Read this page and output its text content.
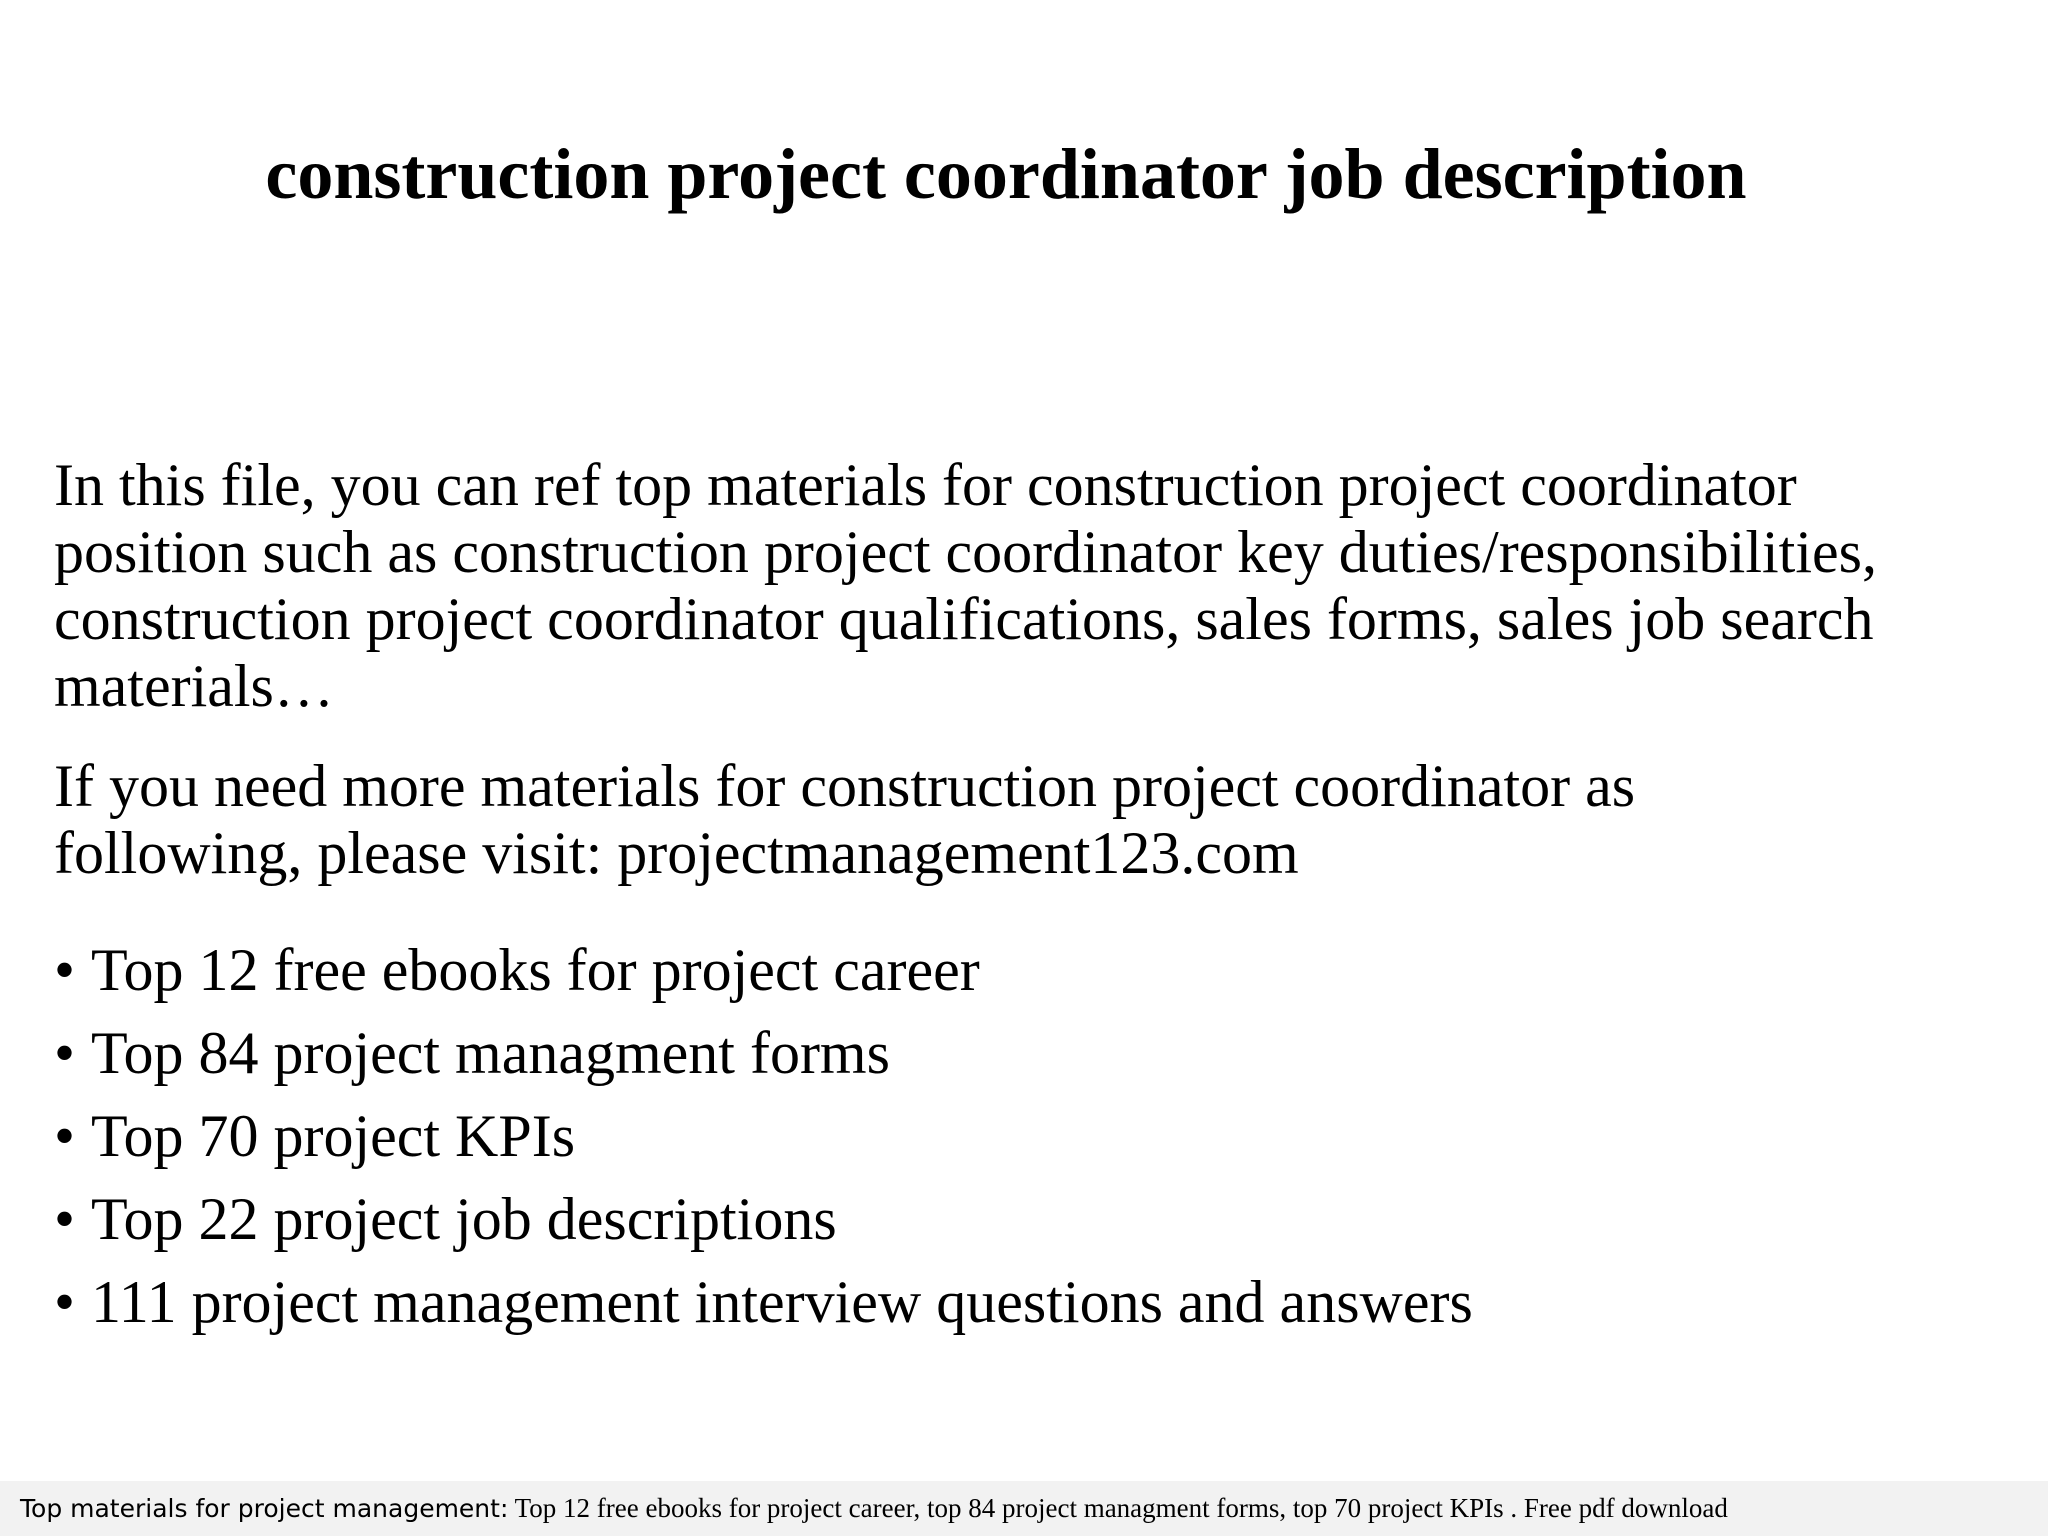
construction project coordinator job description

In this file, you can ref top materials for construction project coordinator
position such as construction project coordinator key duties/responsibilities,
construction project coordinator qualifications, sales forms, sales job search
materials…

If you need more materials for construction project coordinator as
following, please visit: projectmanagement123.com

• Top 12 free ebooks for project career
• Top 84 project managment forms
• Top 70 project KPIs
• Top 22 project job descriptions
• 111 project management interview questions and answers
Top materials for project management: Top 12 free ebooks for project career, top 84 project managment forms, top 70 project KPIs . Free pdf download
